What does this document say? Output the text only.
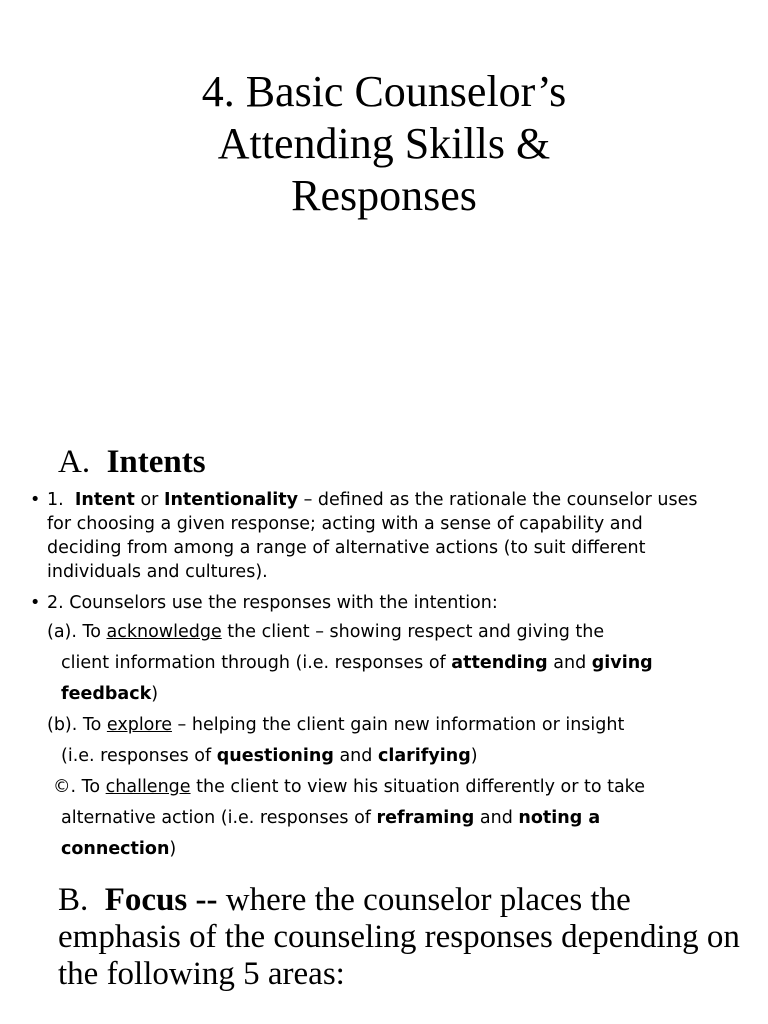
4. Basic Counselor’s
Attending Skills &
Responses
A. Intents
• 1. Intent or Intentionality – defined as the rationale the counselor uses for choosing a given response; acting with a sense of capability and deciding from among a range of alternative actions (to suit different individuals and cultures).
• 2. Counselors use the responses with the intention:
(a). To acknowledge the client – showing respect and giving the
client information through (i.e. responses of attending and giving
feedback)
(b). To explore – helping the client gain new information or insight
(i.e. responses of questioning and clarifying)
©. To challenge the client to view his situation differently or to take
alternative action (i.e. responses of reframing and noting a
connection)
B. Focus -- where the counselor places the emphasis of the counseling responses depending on the following 5 areas:
